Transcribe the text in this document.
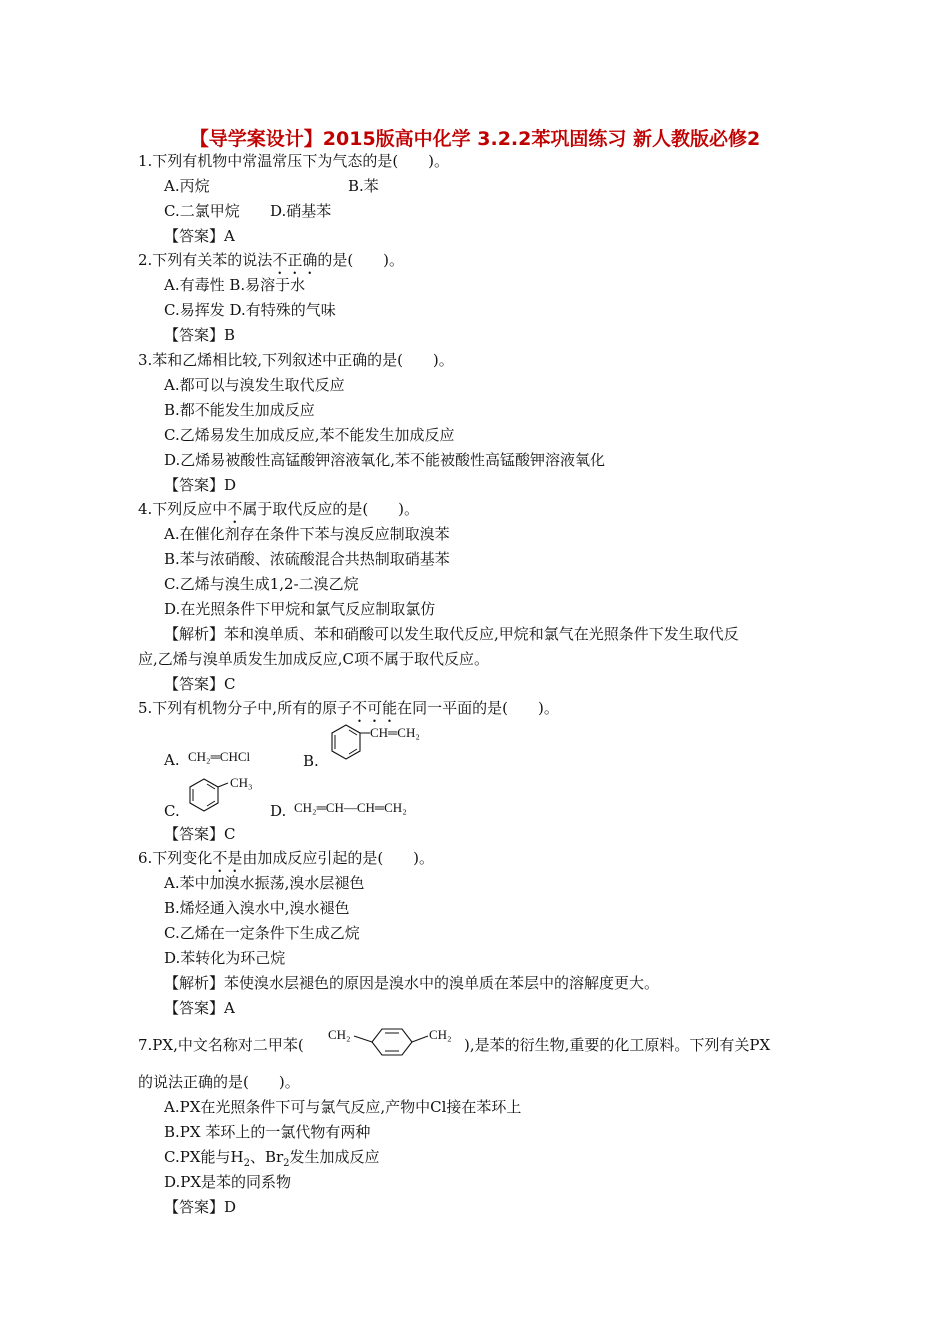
【导学案设计】2015版高中化学 3.2.2苯巩固练习 新人教版必修2
1.下列有机物中常温常压下为气态的是(　　)。
A.丙烷	B.苯
C.二氯甲烷 D.硝基苯
【答案】A
2.下列有关苯的说法不正确的是(　　)。
A.有毒性 B.易溶于水
C.易挥发 D.有特殊的气味
【答案】B
3.苯和乙烯相比较,下列叙述中正确的是(　　)。
A.都可以与溴发生取代反应
B.都不能发生加成反应
C.乙烯易发生加成反应,苯不能发生加成反应
D.乙烯易被酸性高锰酸钾溶液氧化,苯不能被酸性高锰酸钾溶液氧化
【答案】D
4.下列反应中不属于取代反应的是(　　)。
A.在催化剂存在条件下苯与溴反应制取溴苯
B.苯与浓硝酸、浓硫酸混合共热制取硝基苯
C.乙烯与溴生成1,2-二溴乙烷
D.在光照条件下甲烷和氯气反应制取氯仿
【解析】苯和溴单质、苯和硝酸可以发生取代反应,甲烷和氯气在光照条件下发生取代反
应,乙烯与溴单质发生加成反应,C项不属于取代反应。
【答案】C
5.下列有机物分子中,所有的原子不可能在同一平面的是(　　)。
A. CH₂═CHCl	B.
CH═CH₂
C.
CH₃
D. CH₂═CH—CH═CH₂
【答案】C
6.下列变化不是由加成反应引起的是(　　)。
A.苯中加溴水振荡,溴水层褪色
B.烯烃通入溴水中,溴水褪色
C.乙烯在一定条件下生成乙烷
D.苯转化为环己烷
【解析】苯使溴水层褪色的原因是溴水中的溴单质在苯层中的溶解度更大。
【答案】A
7.PX,中文名称对二甲苯(
CH₂	CH₂
),是苯的衍生物,重要的化工原料。下列有关PX
的说法正确的是(　　)。
A.PX在光照条件下可与氯气反应,产物中Cl接在苯环上
B.PX 苯环上的一氯代物有两种
C.PX能与$H_2$、$Br_2$发生加成反应
D.PX是苯的同系物
【答案】D
